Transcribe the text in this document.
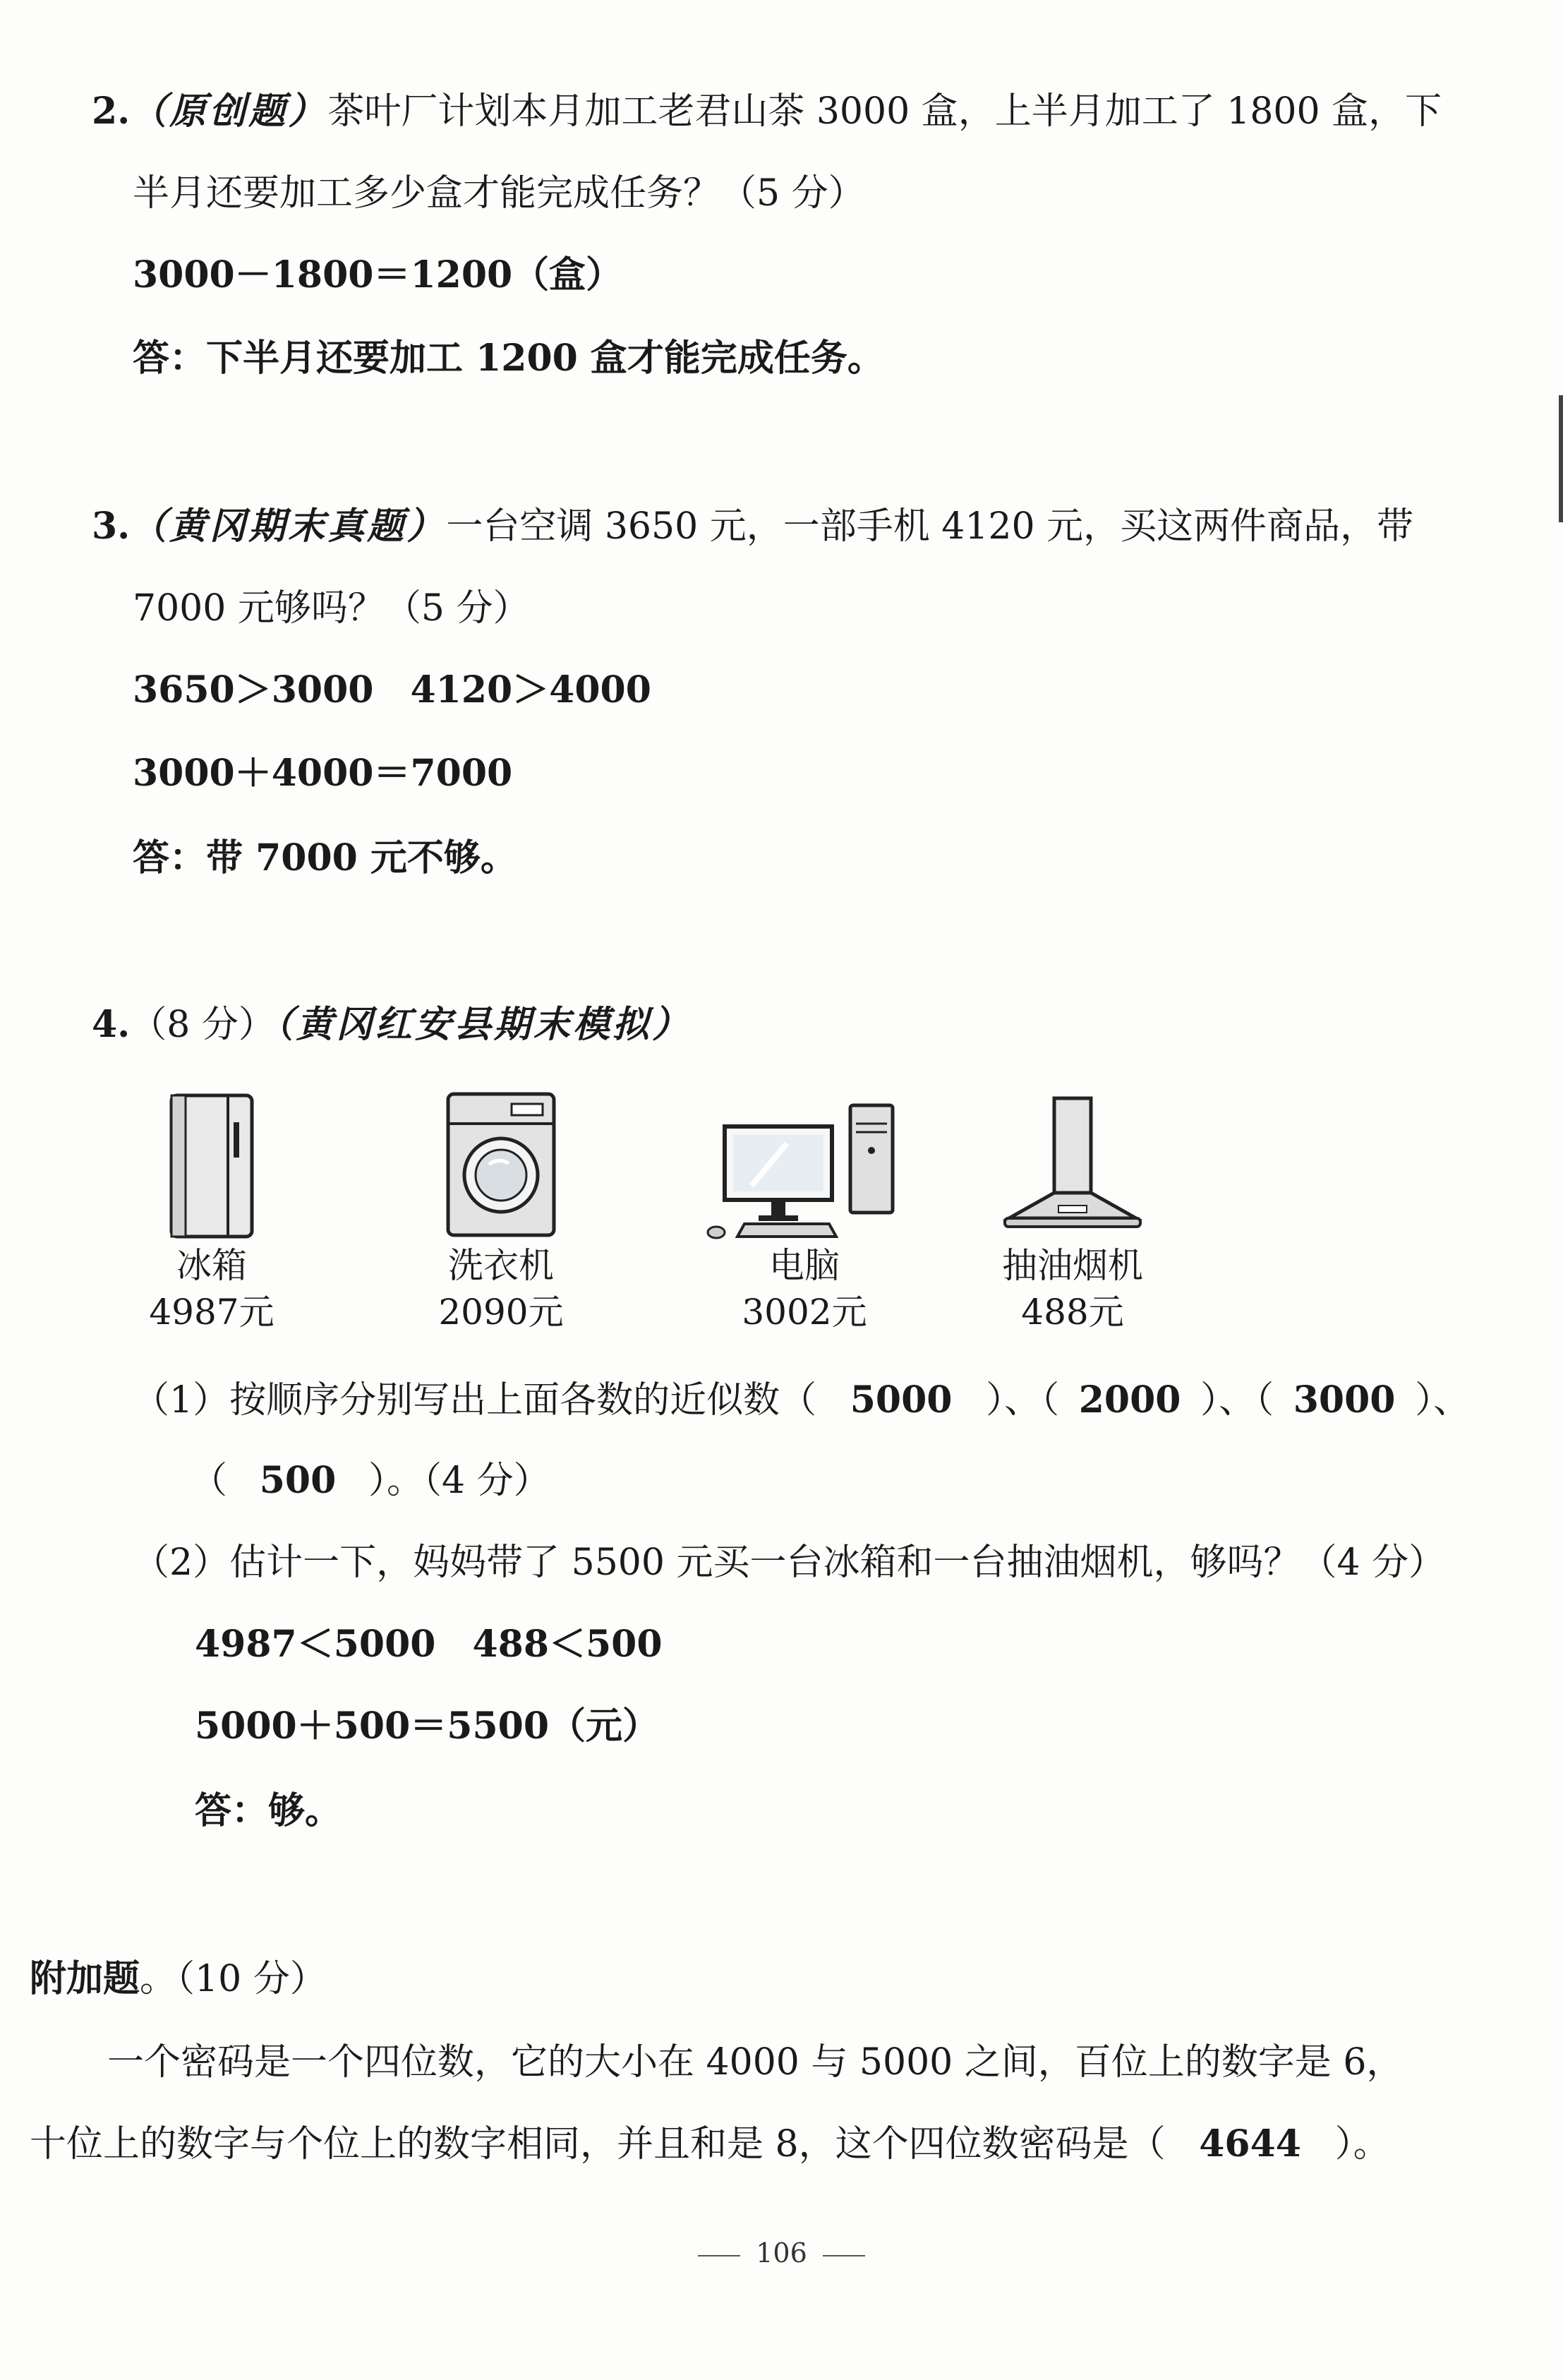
2.（原创题）茶叶厂计划本月加工老君山茶 3000 盒，上半月加工了 1800 盒，下
半月还要加工多少盒才能完成任务？（5 分）
3000－1800＝1200（盒）
答：下半月还要加工 1200 盒才能完成任务。
3.（黄冈期末真题）一台空调 3650 元，一部手机 4120 元，买这两件商品，带
7000 元够吗？（5 分）
3650＞3000　4120＞4000
3000＋4000＝7000
答：带 7000 元不够。
4.（8 分）（黄冈红安县期末模拟）
冰箱
4987元
洗衣机
2090元
电脑
3002元
抽油烟机
488元
（1）按顺序分别写出上面各数的近似数（ 5000 ）、（ 2000 ）、（ 3000 ）、
（ 500 ）。（4 分）
（2）估计一下，妈妈带了 5500 元买一台冰箱和一台抽油烟机，够吗？（4 分）
4987＜5000　488＜500
5000＋500＝5500（元）
答：够。
附加题。（10 分）
一个密码是一个四位数，它的大小在 4000 与 5000 之间，百位上的数字是 6，
十位上的数字与个位上的数字相同，并且和是 8，这个四位数密码是（ 4644 ）。
106
